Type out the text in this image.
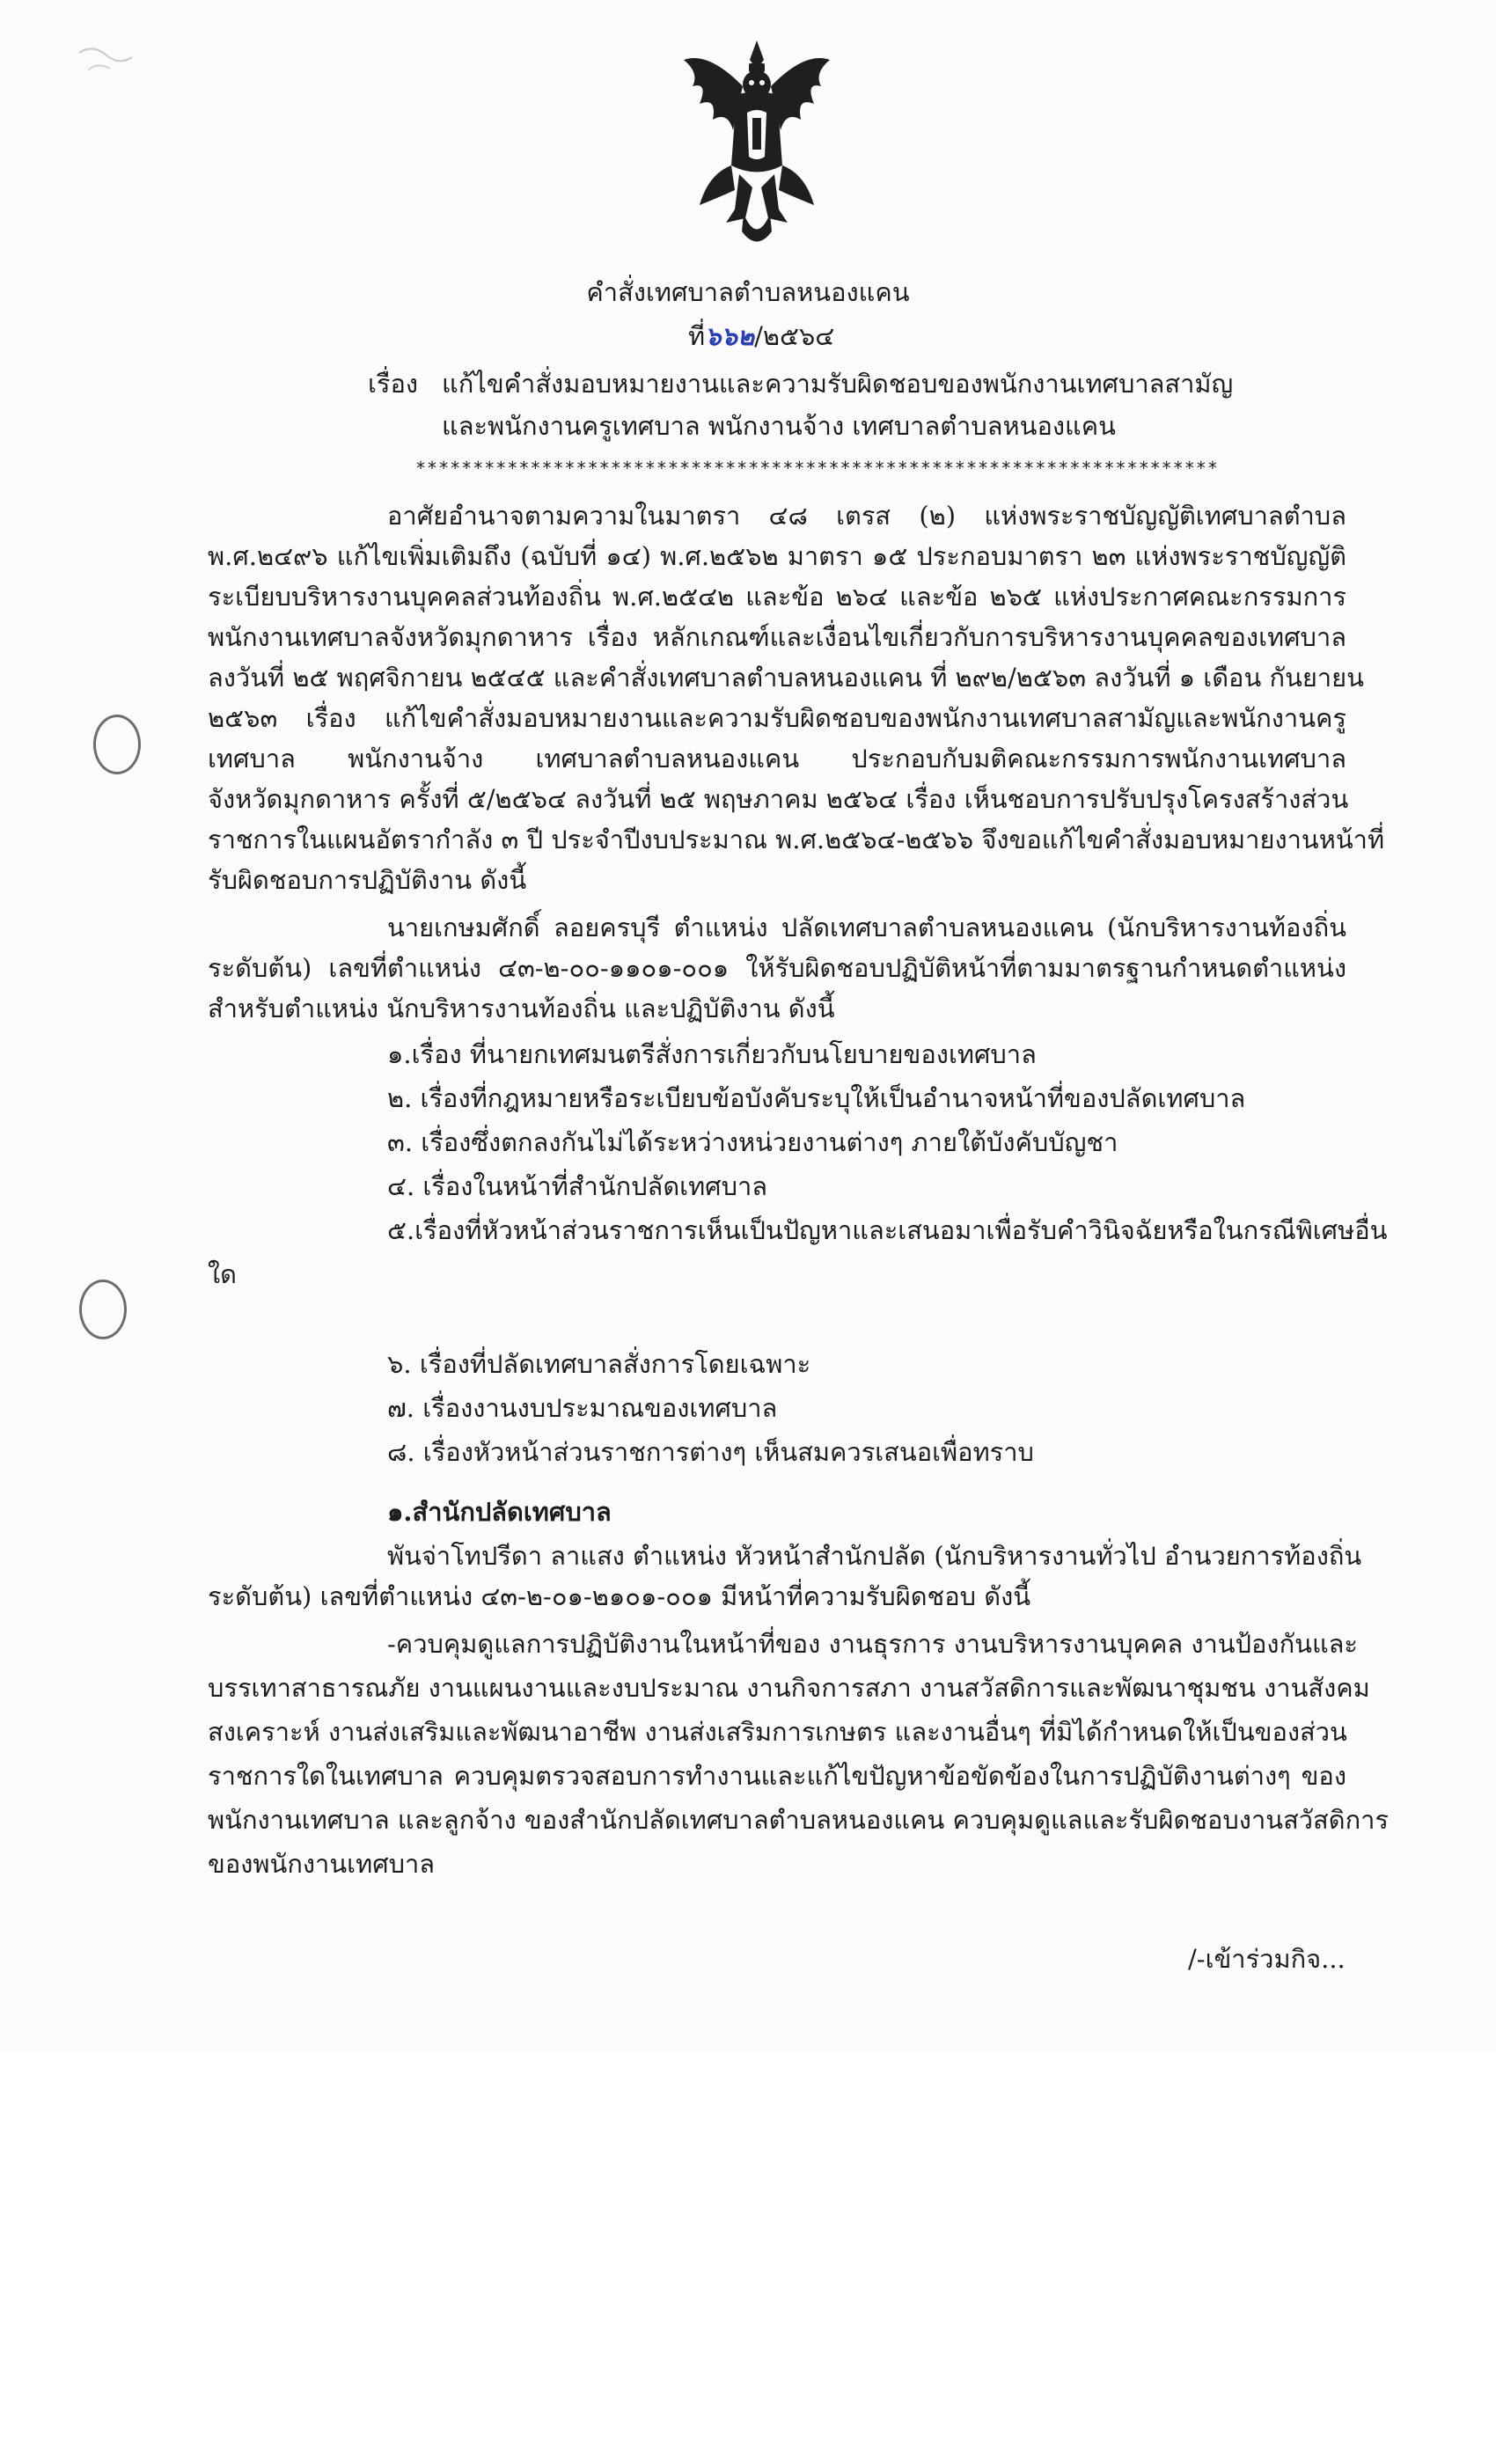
คำสั่งเทศบาลตำบลหนองแคน
ที่๖๖๒/๒๕๖๔
เรื่อง แก้ไขคำสั่งมอบหมายงานและความรับผิดชอบของพนักงานเทศบาลสามัญ
และพนักงานครูเทศบาล พนักงานจ้าง เทศบาลตำบลหนองแคน
**********************************************************************
อาศัยอำนาจตามความในมาตรา ๔๘ เตรส (๒) แห่งพระราชบัญญัติเทศบาลตำบล
พ.ศ.๒๔๙๖ แก้ไขเพิ่มเติมถึง (ฉบับที่ ๑๔) พ.ศ.๒๕๖๒ มาตรา ๑๕ ประกอบมาตรา ๒๓ แห่งพระราชบัญญัติ
ระเบียบบริหารงานบุคคลส่วนท้องถิ่น พ.ศ.๒๕๔๒ และข้อ ๒๖๔ และข้อ ๒๖๕ แห่งประกาศคณะกรรมการ
พนักงานเทศบาลจังหวัดมุกดาหาร เรื่อง หลักเกณฑ์และเงื่อนไขเกี่ยวกับการบริหารงานบุคคลของเทศบาล
ลงวันที่ ๒๕ พฤศจิกายน ๒๕๔๕ และคำสั่งเทศบาลตำบลหนองแคน ที่ ๒๙๒/๒๕๖๓ ลงวันที่ ๑ เดือน กันยายน
๒๕๖๓ เรื่อง แก้ไขคำสั่งมอบหมายงานและความรับผิดชอบของพนักงานเทศบาลสามัญและพนักงานครู
เทศบาล พนักงานจ้าง เทศบาลตำบลหนองแคน ประกอบกับมติคณะกรรมการพนักงานเทศบาล
จังหวัดมุกดาหาร ครั้งที่ ๕/๒๕๖๔ ลงวันที่ ๒๕ พฤษภาคม ๒๕๖๔ เรื่อง เห็นชอบการปรับปรุงโครงสร้างส่วน
ราชการในแผนอัตรากำลัง ๓ ปี ประจำปีงบประมาณ พ.ศ.๒๕๖๔-๒๕๖๖ จึงขอแก้ไขคำสั่งมอบหมายงานหน้าที่
รับผิดชอบการปฏิบัติงาน ดังนี้
นายเกษมศักดิ์ ลอยครบุรี ตำแหน่ง ปลัดเทศบาลตำบลหนองแคน (นักบริหารงานท้องถิ่น
ระดับต้น) เลขที่ตำแหน่ง ๔๓-๒-๐๐-๑๑๐๑-๐๐๑ ให้รับผิดชอบปฏิบัติหน้าที่ตามมาตรฐานกำหนดตำแหน่ง
สำหรับตำแหน่ง นักบริหารงานท้องถิ่น และปฏิบัติงาน ดังนี้
๑.เรื่อง ที่นายกเทศมนตรีสั่งการเกี่ยวกับนโยบายของเทศบาล
๒. เรื่องที่กฎหมายหรือระเบียบข้อบังคับระบุให้เป็นอำนาจหน้าที่ของปลัดเทศบาล
๓. เรื่องซึ่งตกลงกันไม่ได้ระหว่างหน่วยงานต่างๆ ภายใต้บังคับบัญชา
๔. เรื่องในหน้าที่สำนักปลัดเทศบาล
๕.เรื่องที่หัวหน้าส่วนราชการเห็นเป็นปัญหาและเสนอมาเพื่อรับคำวินิจฉัยหรือในกรณีพิเศษอื่น
ใด
๖. เรื่องที่ปลัดเทศบาลสั่งการโดยเฉพาะ
๗. เรื่องงานงบประมาณของเทศบาล
๘. เรื่องหัวหน้าส่วนราชการต่างๆ เห็นสมควรเสนอเพื่อทราบ
๑.สำนักปลัดเทศบาล
พันจ่าโทปรีดา ลาแสง ตำแหน่ง หัวหน้าสำนักปลัด (นักบริหารงานทั่วไป อำนวยการท้องถิ่น
ระดับต้น) เลขที่ตำแหน่ง ๔๓-๒-๐๑-๒๑๐๑-๐๐๑ มีหน้าที่ความรับผิดชอบ ดังนี้
-ควบคุมดูแลการปฏิบัติงานในหน้าที่ของ งานธุรการ งานบริหารงานบุคคล งานป้องกันและ
บรรเทาสาธารณภัย งานแผนงานและงบประมาณ งานกิจการสภา งานสวัสดิการและพัฒนาชุมชน งานสังคม
สงเคราะห์ งานส่งเสริมและพัฒนาอาชีพ งานส่งเสริมการเกษตร และงานอื่นๆ ที่มิได้กำหนดให้เป็นของส่วน
ราชการใดในเทศบาล ควบคุมตรวจสอบการทำงานและแก้ไขปัญหาข้อขัดข้องในการปฏิบัติงานต่างๆ ของ
พนักงานเทศบาล และลูกจ้าง ของสำนักปลัดเทศบาลตำบลหนองแคน ควบคุมดูแลและรับผิดชอบงานสวัสดิการ
ของพนักงานเทศบาล
/-เข้าร่วมกิจ...
